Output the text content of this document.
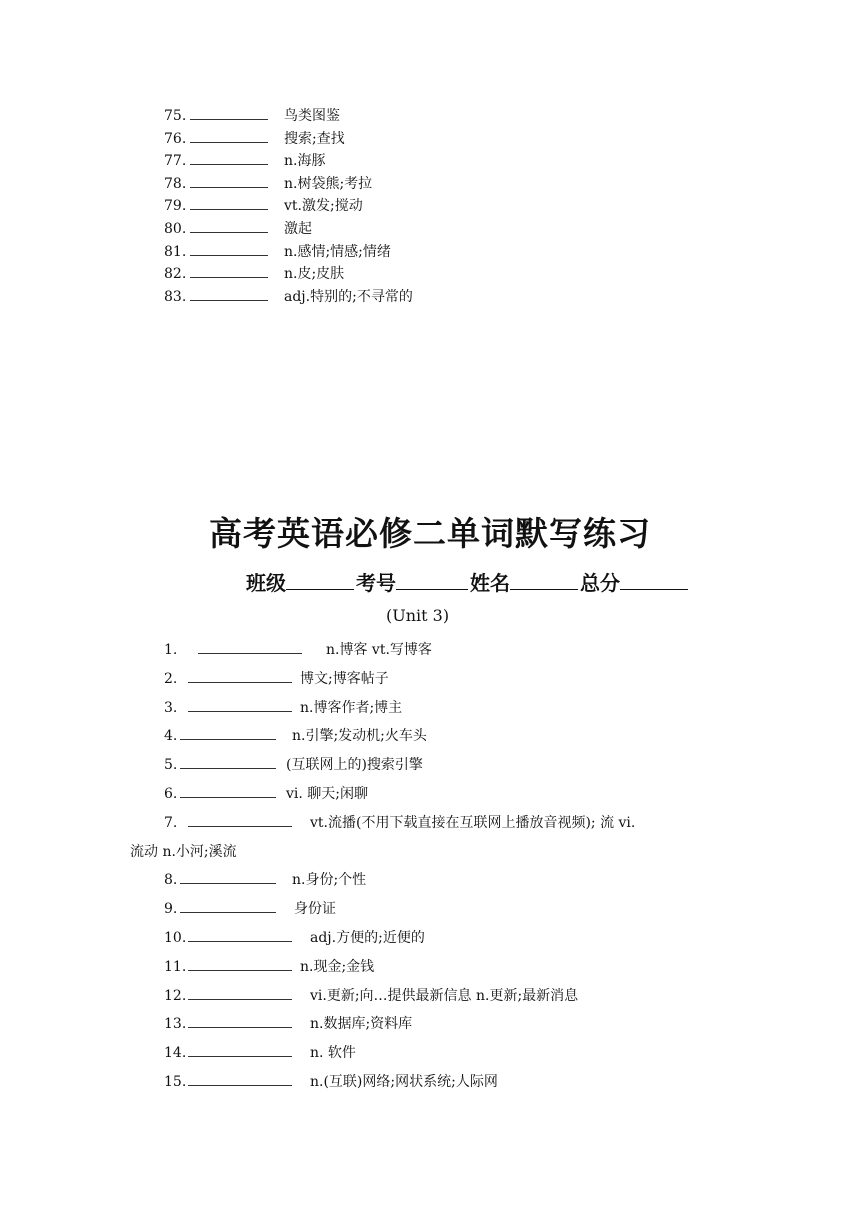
75.	鸟类图鉴
76.	搜索;查找
77.	n.海豚
78.	n.树袋熊;考拉
79.	vt.激发;搅动
80.	激起
81.	n.感情;情感;情绪
82.	n.皮;皮肤
83.	adj.特别的;不寻常的
高考英语必修二单词默写练习
班级	考号	姓名	总分
(Unit 3)
1.	n.博客 vt.写博客
2.	博文;博客帖子
3.	n.博客作者;博主
4.	n.引擎;发动机;火车头
5.	(互联网上的)搜索引擎
6.	vi. 聊天;闲聊
7.	vt.流播(不用下载直接在互联网上播放音视频); 流 vi.
流动 n.小河;溪流
8.	n.身份;个性
9.	身份证
10.	adj.方便的;近便的
11.	n.现金;金钱
12.	vi.更新;向…提供最新信息 n.更新;最新消息
13.	n.数据库;资料库
14.	n. 软件
15.	n.(互联)网络;网状系统;人际网
